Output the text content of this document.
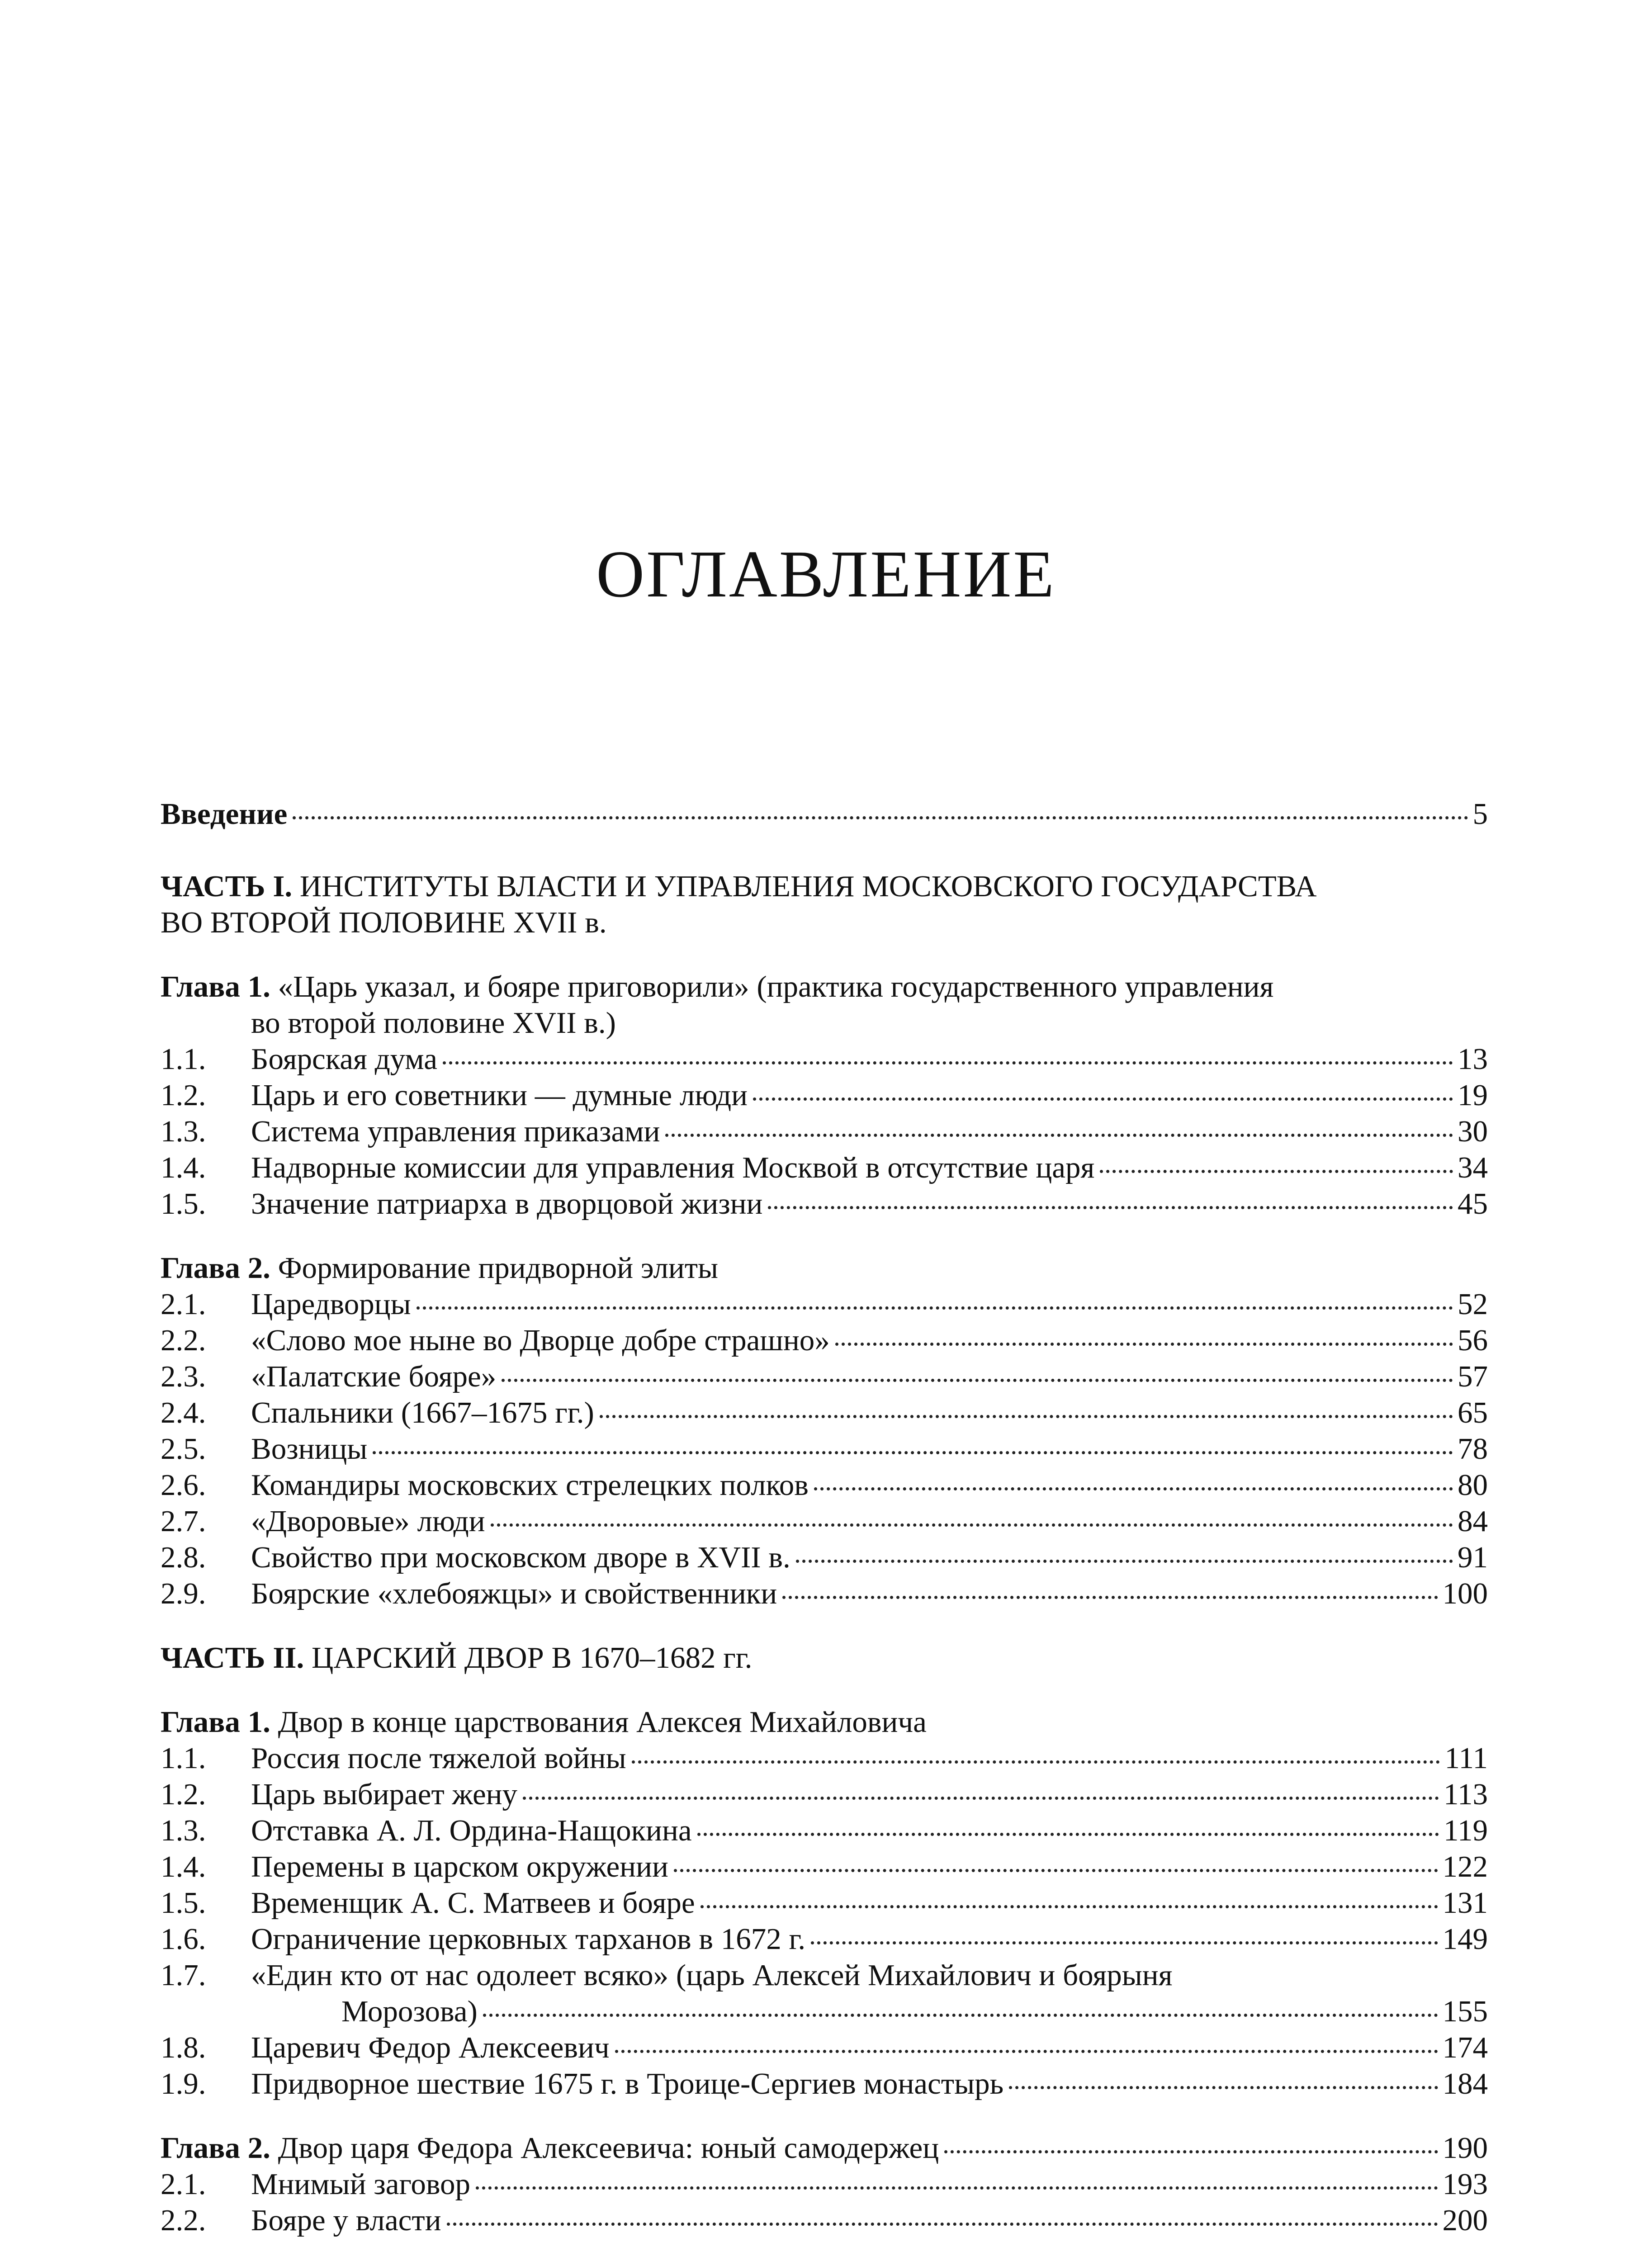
ОГЛАВЛЕНИЕ
Введение	5
ЧАСТЬ I. ИНСТИТУТЫ ВЛАСТИ И УПРАВЛЕНИЯ МОСКОВСКОГО ГОСУДАРСТВА
ВО ВТОРОЙ ПОЛОВИНЕ XVII в.
Глава 1. «Царь указал, и бояре приговорили» (практика государственного управления
во второй половине XVII в.)
1.1.	Боярская дума	13
1.2.	Царь и его советники — думные люди	19
1.3.	Система управления приказами	30
1.4.	Надворные комиссии для управления Москвой в отсутствие царя	34
1.5.	Значение патриарха в дворцовой жизни	45
Глава 2. Формирование придворной элиты
2.1.	Царедворцы	52
2.2.	«Слово мое ныне во Дворце добре страшно»	56
2.3.	«Палатские бояре»	57
2.4.	Спальники (1667–1675 гг.)	65
2.5.	Возницы	78
2.6.	Командиры московских стрелецких полков	80
2.7.	«Дворовые» люди	84
2.8.	Свойство при московском дворе в XVII в.	91
2.9.	Боярские «хлебояжцы» и свойственники	100
ЧАСТЬ II. ЦАРСКИЙ ДВОР В 1670–1682 гг.
Глава 1. Двор в конце царствования Алексея Михайловича
1.1.	Россия после тяжелой войны	111
1.2.	Царь выбирает жену	113
1.3.	Отставка А. Л. Ордина-Нащокина	119
1.4.	Перемены в царском окружении	122
1.5.	Временщик А. С. Матвеев и бояре	131
1.6.	Ограничение церковных тарханов в 1672 г.	149
1.7.	«Един кто от нас одолеет всяко» (царь Алексей Михайлович и боярыня
Морозова)	155
1.8.	Царевич Федор Алексеевич	174
1.9.	Придворное шествие 1675 г. в Троице-Сергиев монастырь	184
Глава 2. Двор царя Федора Алексеевича: юный самодержец	190
2.1.	Мнимый заговор	193
2.2.	Бояре у власти	200
